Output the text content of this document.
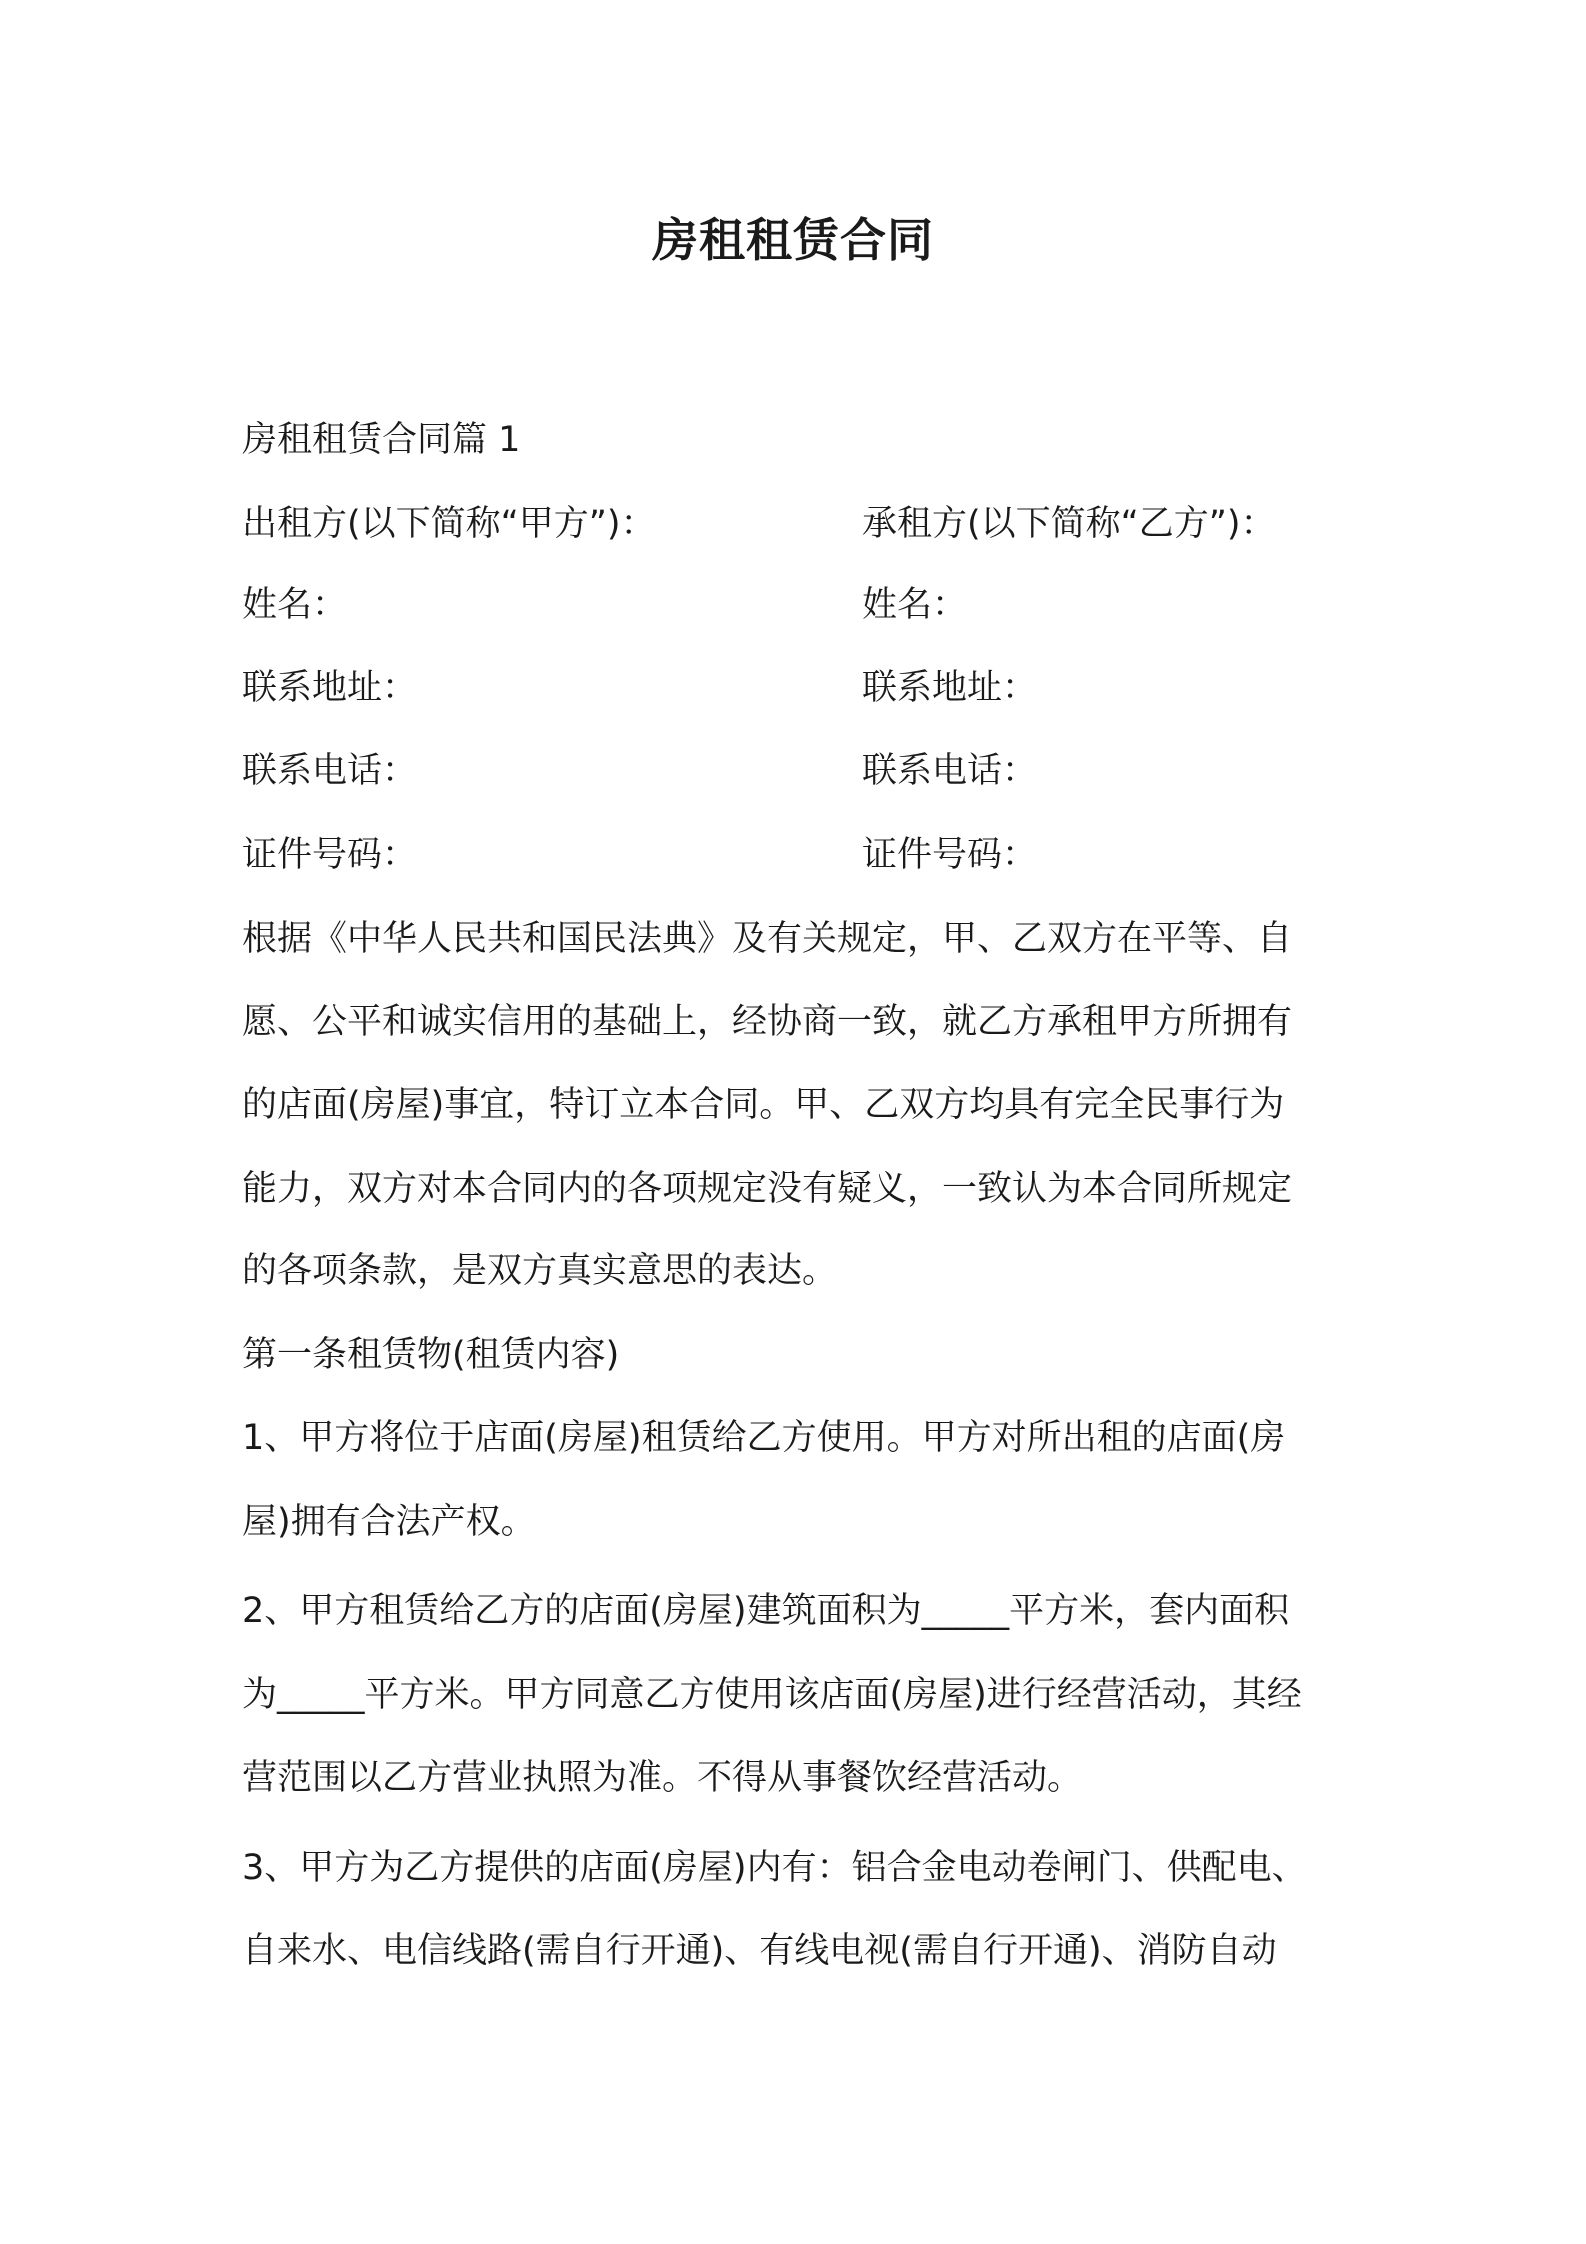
房租租赁合同
房租租赁合同篇 1
出租方(以下简称“甲方”)：	承租方(以下简称“乙方”)：
姓名：	姓名：
联系地址：	联系地址：
联系电话：	联系电话：
证件号码：	证件号码：
根据《中华人民共和国民法典》及有关规定，甲、乙双方在平等、自
愿、公平和诚实信用的基础上，经协商一致，就乙方承租甲方所拥有
的店面(房屋)事宜，特订立本合同。甲、乙双方均具有完全民事行为
能力，双方对本合同内的各项规定没有疑义，一致认为本合同所规定
的各项条款，是双方真实意思的表达。
第一条租赁物(租赁内容)
1、甲方将位于店面(房屋)租赁给乙方使用。甲方对所出租的店面(房
屋)拥有合法产权。
2、甲方租赁给乙方的店面(房屋)建筑面积为_____平方米，套内面积
为_____平方米。甲方同意乙方使用该店面(房屋)进行经营活动，其经
营范围以乙方营业执照为准。不得从事餐饮经营活动。
3、甲方为乙方提供的店面(房屋)内有：铝合金电动卷闸门、供配电、
自来水、电信线路(需自行开通)、有线电视(需自行开通)、消防自动
